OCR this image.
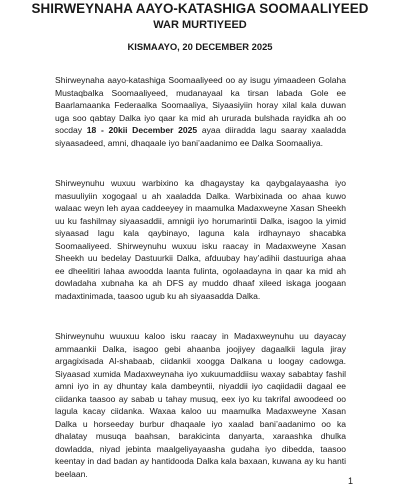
SHIRWEYNAHA AAYO-KATASHIGA SOOMAALIYEED
WAR MURTIYEED

KISMAAYO, 20 DECEMBER 2025

Shirweynaha aayo-katashiga Soomaaliyeed oo ay isugu yimaadeen Golaha Mustaqbalka Soomaaliyeed, mudanayaal ka tirsan labada Gole ee Baarlamaanka Federaalka Soomaaliya, Siyaasiyiin horay xilal kala duwan uga soo qabtay Dalka iyo qaar ka mid ah ururada bulshada rayidka ah oo socday 18 - 20kii December 2025 ayaa diiradda lagu saaray xaaladda siyaasadeed, amni, dhaqaale iyo bani’aadanimo ee Dalka Soomaaliya.

Shirweynuhu wuxuu warbixino ka dhagaystay ka qaybgalayaasha iyo masuuliyiin xogogaal u ah xaaladda Dalka. Warbixinada oo ahaa kuwo walaac weyn leh ayaa caddeeyey in maamulka Madaxweyne Xasan Sheekh uu ku fashilmay siyaasaddii, amnigii iyo horumarintii Dalka, isagoo la yimid siyaasad lagu kala qaybinayo, laguna kala irdhaynayo shacabka Soomaaliyeed. Shirweynuhu wuxuu isku raacay in Madaxweyne Xasan Sheekh uu bedelay Dastuurkii Dalka, afduubay hay’adihii dastuuriga ahaa ee dheelitiri lahaa awoodda laanta fulinta, ogolaadayna in qaar ka mid ah dowladaha xubnaha ka ah DFS ay muddo dhaaf xileed iskaga joogaan madaxtinimada, taasoo ugub ku ah siyaasadda Dalka.

Shirweynuhu wuuxuu kaloo isku raacay in Madaxweynuhu uu dayacay ammaankii Dalka, isagoo gebi ahaanba joojiyey dagaalkii lagula jiray argagixisada Al-shabaab, ciidankii xoogga Dalkana u loogay cadowga. Siyaasad xumida Madaxweynaha iyo xukuumaddiisu waxay sababtay fashil amni iyo in ay dhuntay kala dambeyntii, niyaddii iyo caqiidadii dagaal ee ciidanka taasoo ay sabab u tahay musuq, eex iyo ku takrifal awoodeed oo lagula kacay ciidanka. Waxaa kaloo uu maamulka Madaxweyne Xasan Dalka u horseeday burbur dhaqaale iyo xaalad bani’aadanimo oo ka dhalatay musuqa baahsan, barakicinta danyarta, xaraashka dhulka dowladda, niyad jebinta maalgeliyayaasha gudaha iyo dibedda, taasoo keentay in dad badan ay hantidooda Dalka kala baxaan, kuwana ay ku hanti beelaan.

1
